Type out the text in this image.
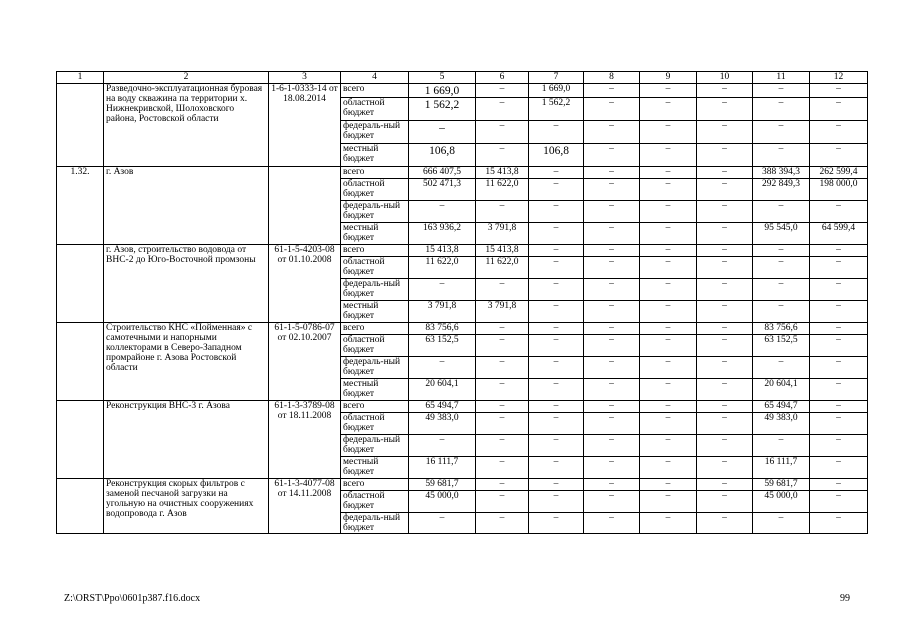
1	2	3	4	5	6	7	8	9	10	11	12
	Разведочно-эксплуатационная буровая на воду скважина па территории х. Нижнекривской, Шолоховского района, Ростовской области	1-6-1-0333-14 от 18.08.2014	всего	1 669,0	–	1 669,0	–	–	–	–	–
			областной бюджет	1 562,2	–	1 562,2	–	–	–	–	–
			федераль-ный бюджет	–	–	–	–	–	–	–	–
			местный бюджет	106,8	–	106,8	–	–	–	–	–
1.32.	г. Азов		всего	666 407,5	15 413,8	–	–	–	–	388 394,3	262 599,4
			областной бюджет	502 471,3	11 622,0	–	–	–	–	292 849,3	198 000,0
			федераль-ный бюджет	–	–	–	–	–	–	–	–
			местный бюджет	163 936,2	3 791,8	–	–	–	–	95 545,0	64 599,4
	г. Азов, строительство водовода от ВНС-2 до Юго-Восточной промзоны	61-1-5-4203-08 от 01.10.2008	всего	15 413,8	15 413,8	–	–	–	–	–	–
			областной бюджет	11 622,0	11 622,0	–	–	–	–	–	–
			федераль-ный бюджет	–	–	–	–	–	–	–	–
			местный бюджет	3 791,8	3 791,8	–	–	–	–	–	–
	Строительство КНС «Пойменная» с самотечными и напорными коллекторами в Северо-Западном промрайоне г. Азова Ростовской области	61-1-5-0786-07 от 02.10.2007	всего	83 756,6	–	–	–	–	–	83 756,6	–
			областной бюджет	63 152,5	–	–	–	–	–	63 152,5	–
			федераль-ный бюджет	–	–	–	–	–	–	–	–
			местный бюджет	20 604,1	–	–	–	–	–	20 604,1	–
	Реконструкция ВНС-3 г. Азова	61-1-3-3789-08 от 18.11.2008	всего	65 494,7	–	–	–	–	–	65 494,7	–
			областной бюджет	49 383,0	–	–	–	–	–	49 383,0	–
			федераль-ный бюджет	–	–	–	–	–	–	–	–
			местный бюджет	16 111,7	–	–	–	–	–	16 111,7	–
	Реконструкция скорых фильтров с заменой песчаной загрузки на угольную на очистных сооружениях водопровода г. Азов	61-1-3-4077-08 от 14.11.2008	всего	59 681,7	–	–	–	–	–	59 681,7	–
			областной бюджет	45 000,0	–	–	–	–	–	45 000,0	–
			федераль-ный бюджет	–	–	–	–	–	–	–	–
Z:\ORST\Ppo\0601p387.f16.docx	99
